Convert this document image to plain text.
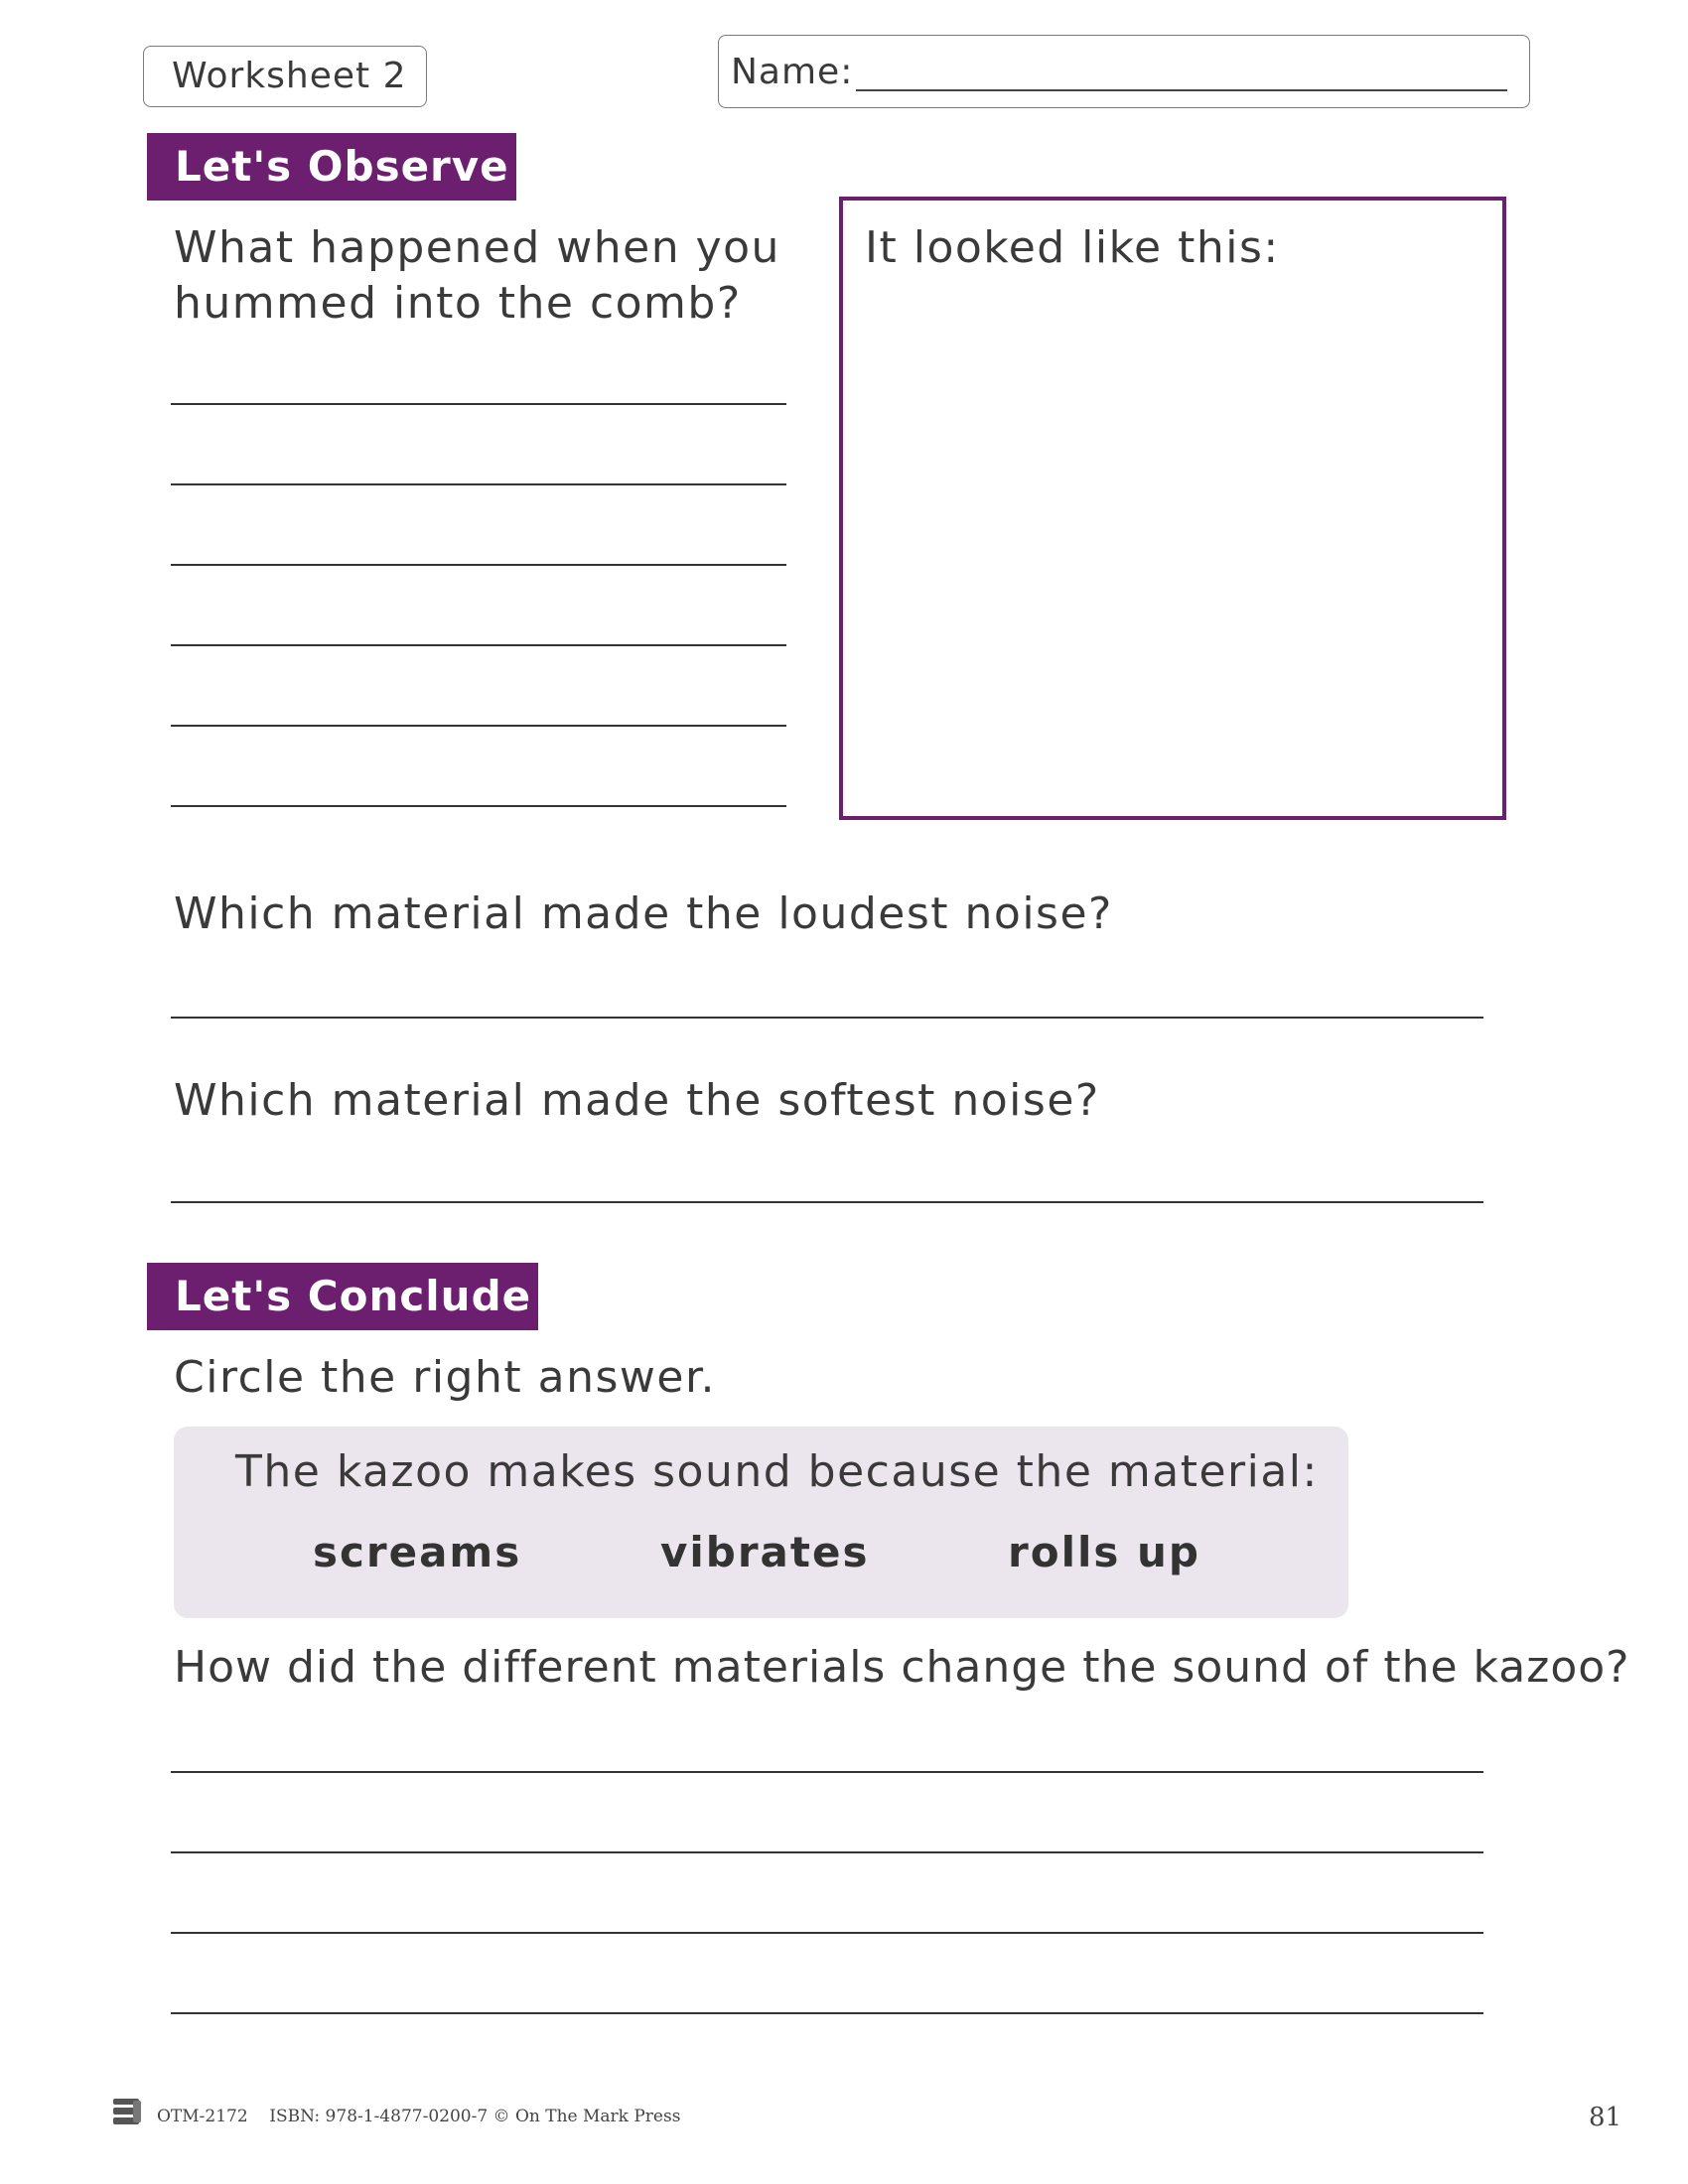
Worksheet 2	Name:
Let's Observe
What happened when you
hummed into the comb?
It looked like this:
Which material made the loudest noise?
Which material made the softest noise?
Let's Conclude
Circle the right answer.
The kazoo makes sound because the material:
screams	vibrates	rolls up
How did the different materials change the sound of the kazoo?
OTM-2172    ISBN: 978-1-4877-0200-7 © On The Mark Press	81
